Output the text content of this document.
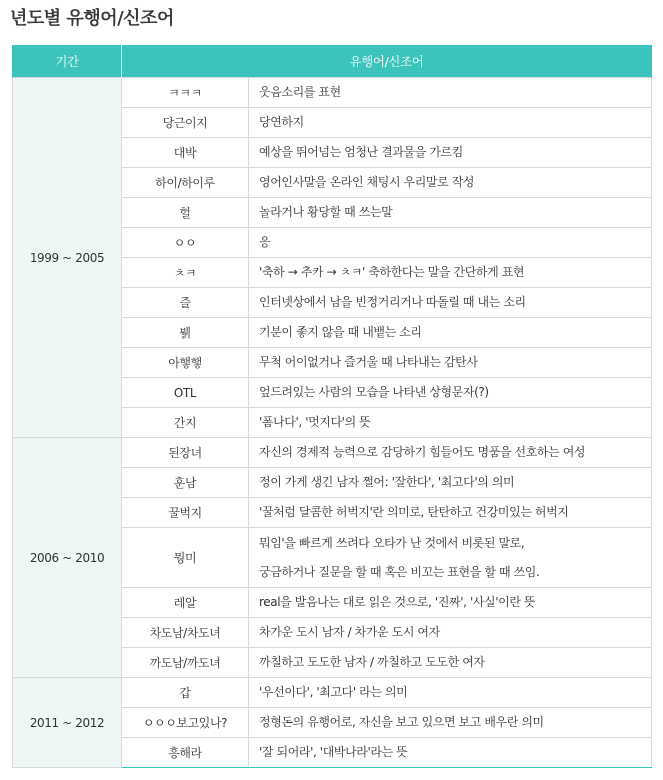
년도별 유행어/신조어
기간	유행어/신조어	
1999 ~ 2005	ㅋㅋㅋ	웃음소리를 표현

	당근이지	당연하지

	대박	예상을 뛰어넘는 엄청난 결과물을 가르킴

	하이/하이루	영어인사말을 온라인 채팅시 우리말로 작성

	헐	놀라거나 황당할 때 쓰는말

	ㅇㅇ	응

	ㅊㅋ	'축하 → 추카 → ㅊㅋ' 축하한다는 말을 간단하게 표현

	즐	인터넷상에서 남을 빈정거리거나 따돌릴 때 내는 소리

	뷁	기분이 좋지 않을 때 내뱉는 소리

	아햏햏	무척 어이없거나 즐거울 때 나타내는 감탄사

	OTL	엎드려있는 사람의 모습을 나타낸 상형문자(?)

	간지	'폼나다', '멋지다'의 뜻

2006 ~ 2010	된장녀	자신의 경제적 능력으로 감당하기 힘들어도 명품을 선호하는 여성

	훈남	정이 가게 생긴 남자 쩔어: '잘한다', '최고다'의 의미

	꿀벅지	'꿀처럼 달콤한 허벅지'란 의미로, 탄탄하고 건강미있는 허벅지

	뭥미	뭐임'을 빠르게 쓰려다 오타가 난 것에서 비롯된 말로,
궁금하거나 질문을 할 때 혹은 비꼬는 표현을 할 때 쓰임.

	레알	real을 발음나는 대로 읽은 것으로, '진짜', '사실'이란 뜻

	차도남/차도녀	차가운 도시 남자 / 차가운 도시 여자

	까도남/까도녀	까칠하고 도도한 남자 / 까칠하고 도도한 여자

2011 ~ 2012	갑	'우선이다', '최고다' 라는 의미

	ㅇㅇㅇ보고있나?	정형돈의 유행어로, 자신을 보고 있으면 보고 배우란 의미

	흥해라	'잘 되어라', '대박나라'라는 뜻
